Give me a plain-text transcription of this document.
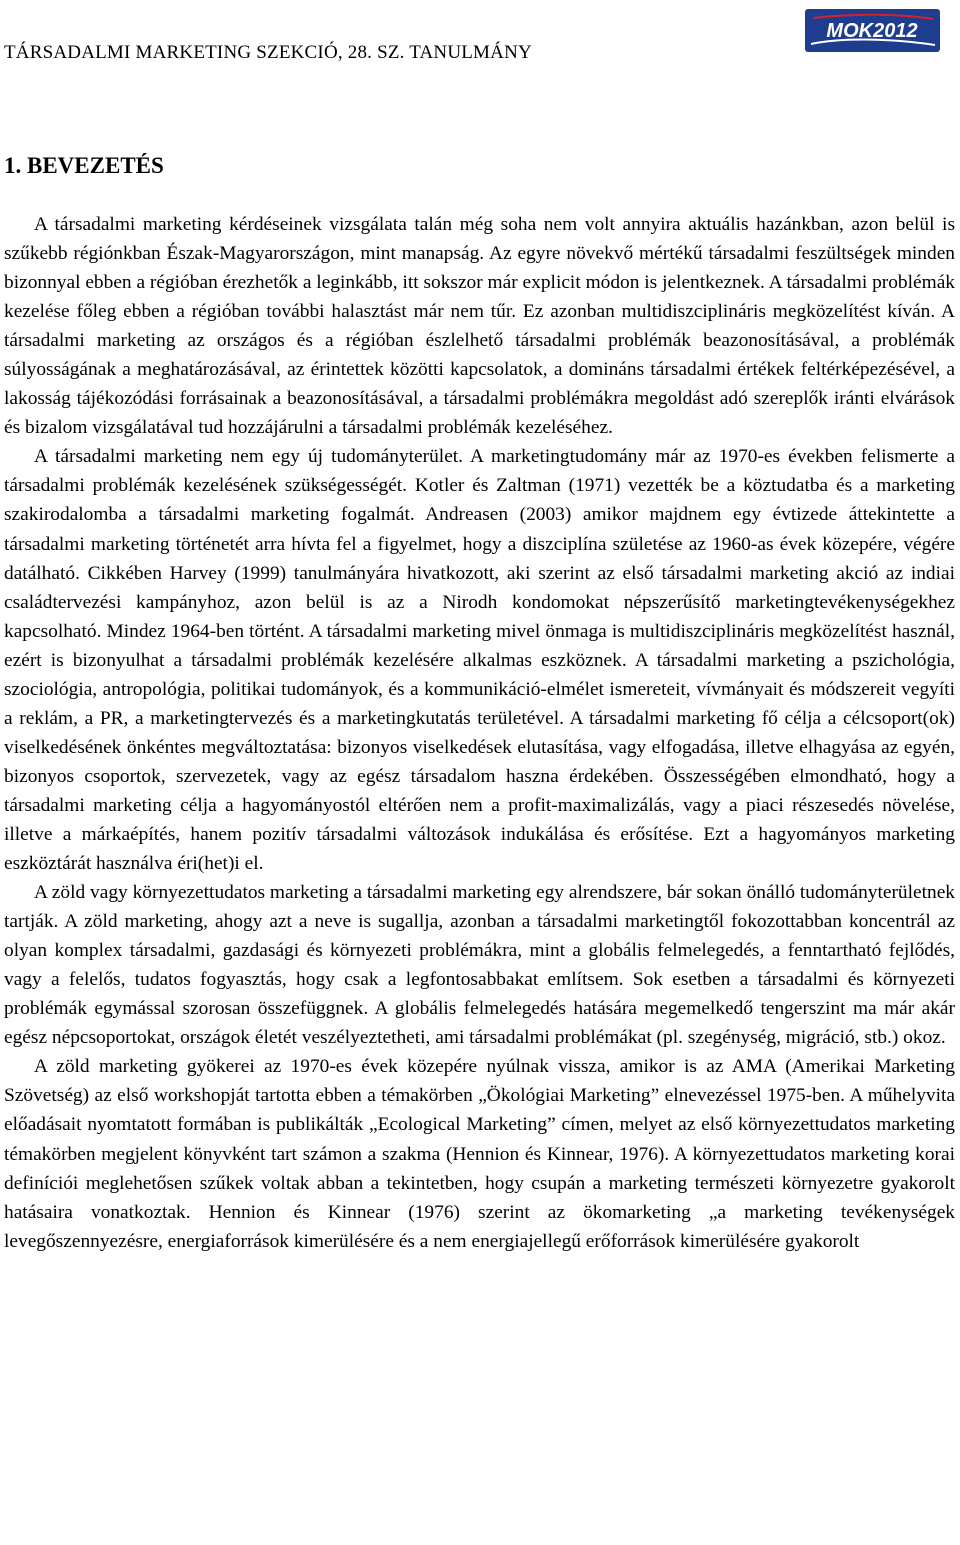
TÁRSADALMI MARKETING SZEKCIÓ, 28. SZ. TANULMÁNY
MOK2012
1. BEVEZETÉS

A társadalmi marketing kérdéseinek vizsgálata talán még soha nem volt annyira aktuális hazánkban, azon belül is szűkebb régiónkban Észak-Magyarországon, mint manapság. Az egyre növekvő mértékű társadalmi feszültségek minden bizonnyal ebben a régióban érezhetők a leginkább, itt sokszor már explicit módon is jelentkeznek. A társadalmi problémák kezelése főleg ebben a régióban további halasztást már nem tűr. Ez azonban multidiszciplináris megközelítést kíván. A társadalmi marketing az országos és a régióban észlelhető társadalmi problémák beazonosításával, a problémák súlyosságának a meghatározásával, az érintettek közötti kapcsolatok, a domináns társadalmi értékek feltérképezésével, a lakosság tájékozódási forrásainak a beazonosításával, a társadalmi problémákra megoldást adó szereplők iránti elvárások és bizalom vizsgálatával tud hozzájárulni a társadalmi problémák kezeléséhez.

A társadalmi marketing nem egy új tudományterület. A marketingtudomány már az 1970-es években felismerte a társadalmi problémák kezelésének szükségességét. Kotler és Zaltman (1971) vezették be a köztudatba és a marketing szakirodalomba a társadalmi marketing fogalmát. Andreasen (2003) amikor majdnem egy évtizede áttekintette a társadalmi marketing történetét arra hívta fel a figyelmet, hogy a diszciplína születése az 1960-as évek közepére, végére datálható. Cikkében Harvey (1999) tanulmányára hivatkozott, aki szerint az első társadalmi marketing akció az indiai családtervezési kampányhoz, azon belül is az a Nirodh kondomokat népszerűsítő marketingtevékenységekhez kapcsolható. Mindez 1964-ben történt. A társadalmi marketing mivel önmaga is multidiszciplináris megközelítést használ, ezért is bizonyulhat a társadalmi problémák kezelésére alkalmas eszköznek. A társadalmi marketing a pszichológia, szociológia, antropológia, politikai tudományok, és a kommunikáció-elmélet ismereteit, vívmányait és módszereit vegyíti a reklám, a PR, a marketingtervezés és a marketingkutatás területével. A társadalmi marketing fő célja a célcsoport(ok) viselkedésének önkéntes megváltoztatása: bizonyos viselkedések elutasítása, vagy elfogadása, illetve elhagyása az egyén, bizonyos csoportok, szervezetek, vagy az egész társadalom haszna érdekében. Összességében elmondható, hogy a társadalmi marketing célja a hagyományostól eltérően nem a profit-maximalizálás, vagy a piaci részesedés növelése, illetve a márkaépítés, hanem pozitív társadalmi változások indukálása és erősítése. Ezt a hagyományos marketing eszköztárát használva éri(het)i el.

A zöld vagy környezettudatos marketing a társadalmi marketing egy alrendszere, bár sokan önálló tudományterületnek tartják. A zöld marketing, ahogy azt a neve is sugallja, azonban a társadalmi marketingtől fokozottabban koncentrál az olyan komplex társadalmi, gazdasági és környezeti problémákra, mint a globális felmelegedés, a fenntartható fejlődés, vagy a felelős, tudatos fogyasztás, hogy csak a legfontosabbakat említsem. Sok esetben a társadalmi és környezeti problémák egymással szorosan összefüggnek. A globális felmelegedés hatására megemelkedő tengerszint ma már akár egész népcsoportokat, országok életét veszélyeztetheti, ami társadalmi problémákat (pl. szegénység, migráció, stb.) okoz.

A zöld marketing gyökerei az 1970-es évek közepére nyúlnak vissza, amikor is az AMA (Amerikai Marketing Szövetség) az első workshopját tartotta ebben a témakörben „Ökológiai Marketing” elnevezéssel 1975-ben. A műhelyvita előadásait nyomtatott formában is publikálták „Ecological Marketing” címen, melyet az első környezettudatos marketing témakörben megjelent könyvként tart számon a szakma (Hennion és Kinnear, 1976). A környezettudatos marketing korai definíciói meglehetősen szűkek voltak abban a tekintetben, hogy csupán a marketing természeti környezetre gyakorolt hatásaira vonatkoztak. Hennion és Kinnear (1976) szerint az ökomarketing „a marketing tevékenységek levegőszennyezésre, energiaforrások kimerülésére és a nem energiajellegű erőforrások kimerülésére gyakorolt
